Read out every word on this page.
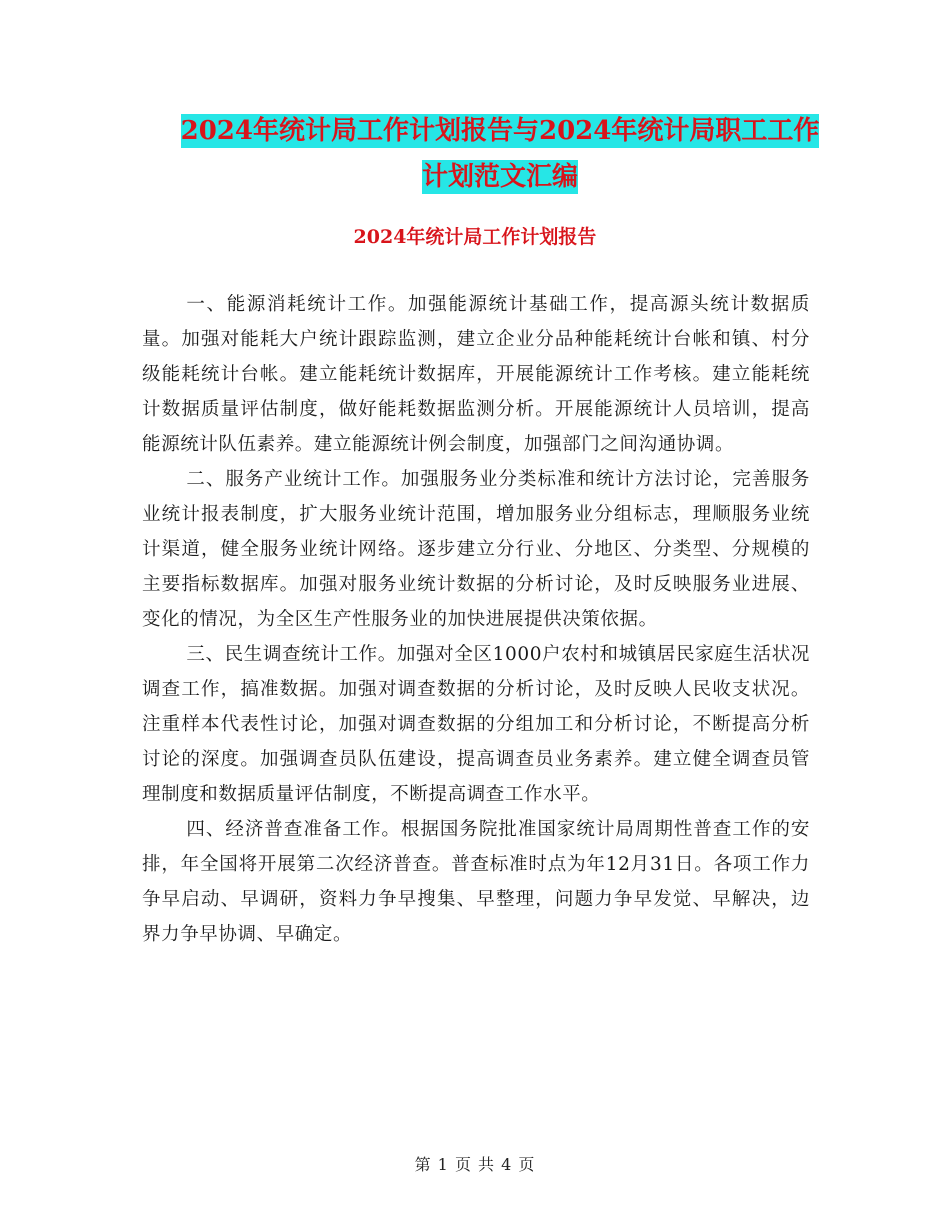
2024年统计局工作计划报告与2024年统计局职工工作
计划范文汇编
2024年统计局工作计划报告

一、能源消耗统计工作。加强能源统计基础工作，提高源头统计数据质量。加强对能耗大户统计跟踪监测，建立企业分品种能耗统计台帐和镇、村分级能耗统计台帐。建立能耗统计数据库，开展能源统计工作考核。建立能耗统计数据质量评估制度，做好能耗数据监测分析。开展能源统计人员培训，提高能源统计队伍素养。建立能源统计例会制度，加强部门之间沟通协调。

二、服务产业统计工作。加强服务业分类标准和统计方法讨论，完善服务业统计报表制度，扩大服务业统计范围，增加服务业分组标志，理顺服务业统计渠道，健全服务业统计网络。逐步建立分行业、分地区、分类型、分规模的主要指标数据库。加强对服务业统计数据的分析讨论，及时反映服务业进展、变化的情况，为全区生产性服务业的加快进展提供决策依据。

三、民生调查统计工作。加强对全区1000户农村和城镇居民家庭生活状况调查工作，搞准数据。加强对调查数据的分析讨论，及时反映人民收支状况。注重样本代表性讨论，加强对调查数据的分组加工和分析讨论，不断提高分析讨论的深度。加强调查员队伍建设，提高调查员业务素养。建立健全调查员管理制度和数据质量评估制度，不断提高调查工作水平。

四、经济普查准备工作。根据国务院批准国家统计局周期性普查工作的安排，年全国将开展第二次经济普查。普查标准时点为年12月31日。各项工作力争早启动、早调研，资料力争早搜集、早整理，问题力争早发觉、早解决，边界力争早协调、早确定。

第 1 页 共 4 页
